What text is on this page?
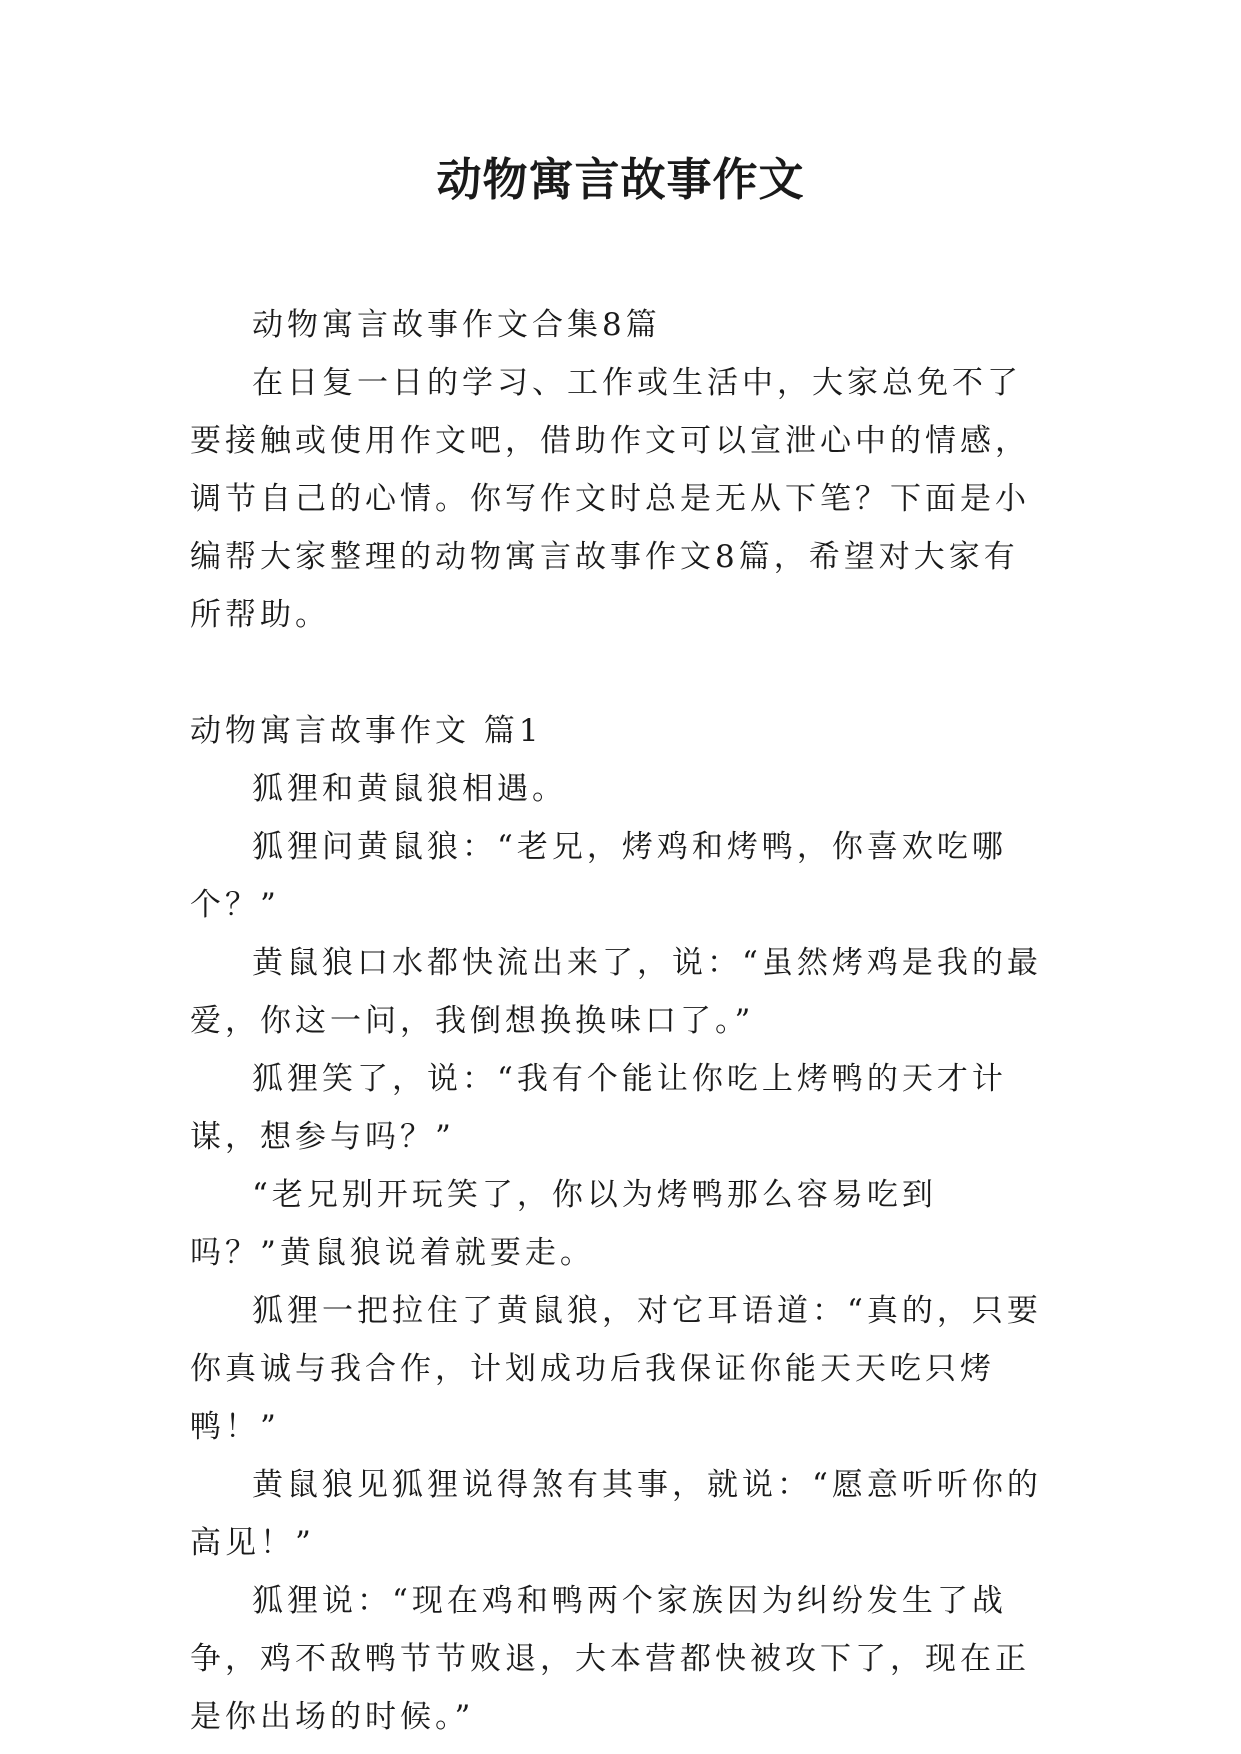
动物寓言故事作文

动物寓言故事作文合集8篇

在日复一日的学习、工作或生活中，大家总免不了要接触或使用作文吧，借助作文可以宣泄心中的情感，调节自己的心情。你写作文时总是无从下笔？下面是小编帮大家整理的动物寓言故事作文8篇，希望对大家有所帮助。

动物寓言故事作文 篇1

狐狸和黄鼠狼相遇。

狐狸问黄鼠狼：“老兄，烤鸡和烤鸭，你喜欢吃哪个？”

黄鼠狼口水都快流出来了，说：“虽然烤鸡是我的最爱，你这一问，我倒想换换味口了。”

狐狸笑了，说：“我有个能让你吃上烤鸭的天才计谋，想参与吗？”

“老兄别开玩笑了，你以为烤鸭那么容易吃到吗？”黄鼠狼说着就要走。

狐狸一把拉住了黄鼠狼，对它耳语道：“真的，只要你真诚与我合作，计划成功后我保证你能天天吃只烤鸭！”

黄鼠狼见狐狸说得煞有其事，就说：“愿意听听你的高见！”

狐狸说：“现在鸡和鸭两个家族因为纠纷发生了战争，鸡不敌鸭节节败退，大本营都快被攻下了，现在正是你出场的时候。”
